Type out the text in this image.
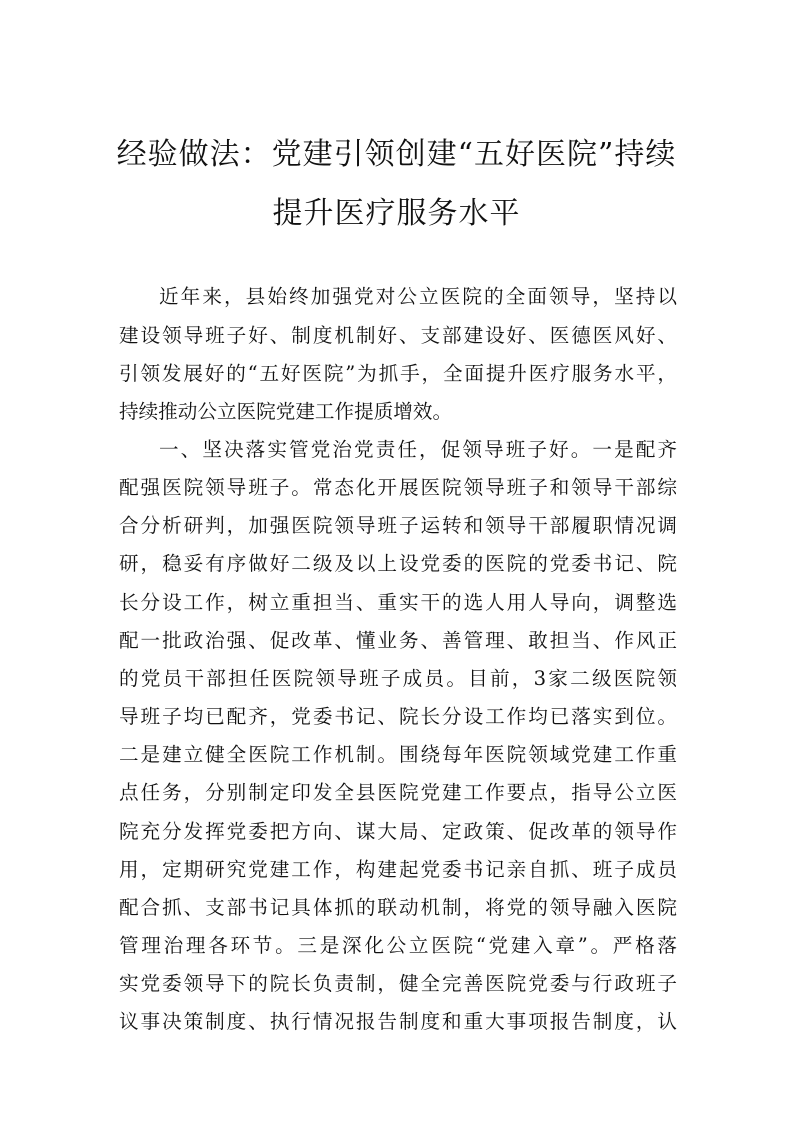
经验做法：党建引领创建“五好医院”持续
提升医疗服务水平
近年来，县始终加强党对公立医院的全面领导，坚持以
建设领导班子好、制度机制好、支部建设好、医德医风好、
引领发展好的“五好医院”为抓手，全面提升医疗服务水平，
持续推动公立医院党建工作提质增效。
一、坚决落实管党治党责任，促领导班子好。一是配齐
配强医院领导班子。常态化开展医院领导班子和领导干部综
合分析研判，加强医院领导班子运转和领导干部履职情况调
研，稳妥有序做好二级及以上设党委的医院的党委书记、院
长分设工作，树立重担当、重实干的选人用人导向，调整选
配一批政治强、促改革、懂业务、善管理、敢担当、作风正
的党员干部担任医院领导班子成员。目前，3家二级医院领
导班子均已配齐，党委书记、院长分设工作均已落实到位。
二是建立健全医院工作机制。围绕每年医院领域党建工作重
点任务，分别制定印发全县医院党建工作要点，指导公立医
院充分发挥党委把方向、谋大局、定政策、促改革的领导作
用，定期研究党建工作，构建起党委书记亲自抓、班子成员
配合抓、支部书记具体抓的联动机制，将党的领导融入医院
管理治理各环节。三是深化公立医院“党建入章”。严格落
实党委领导下的院长负责制，健全完善医院党委与行政班子
议事决策制度、执行情况报告制度和重大事项报告制度，认
